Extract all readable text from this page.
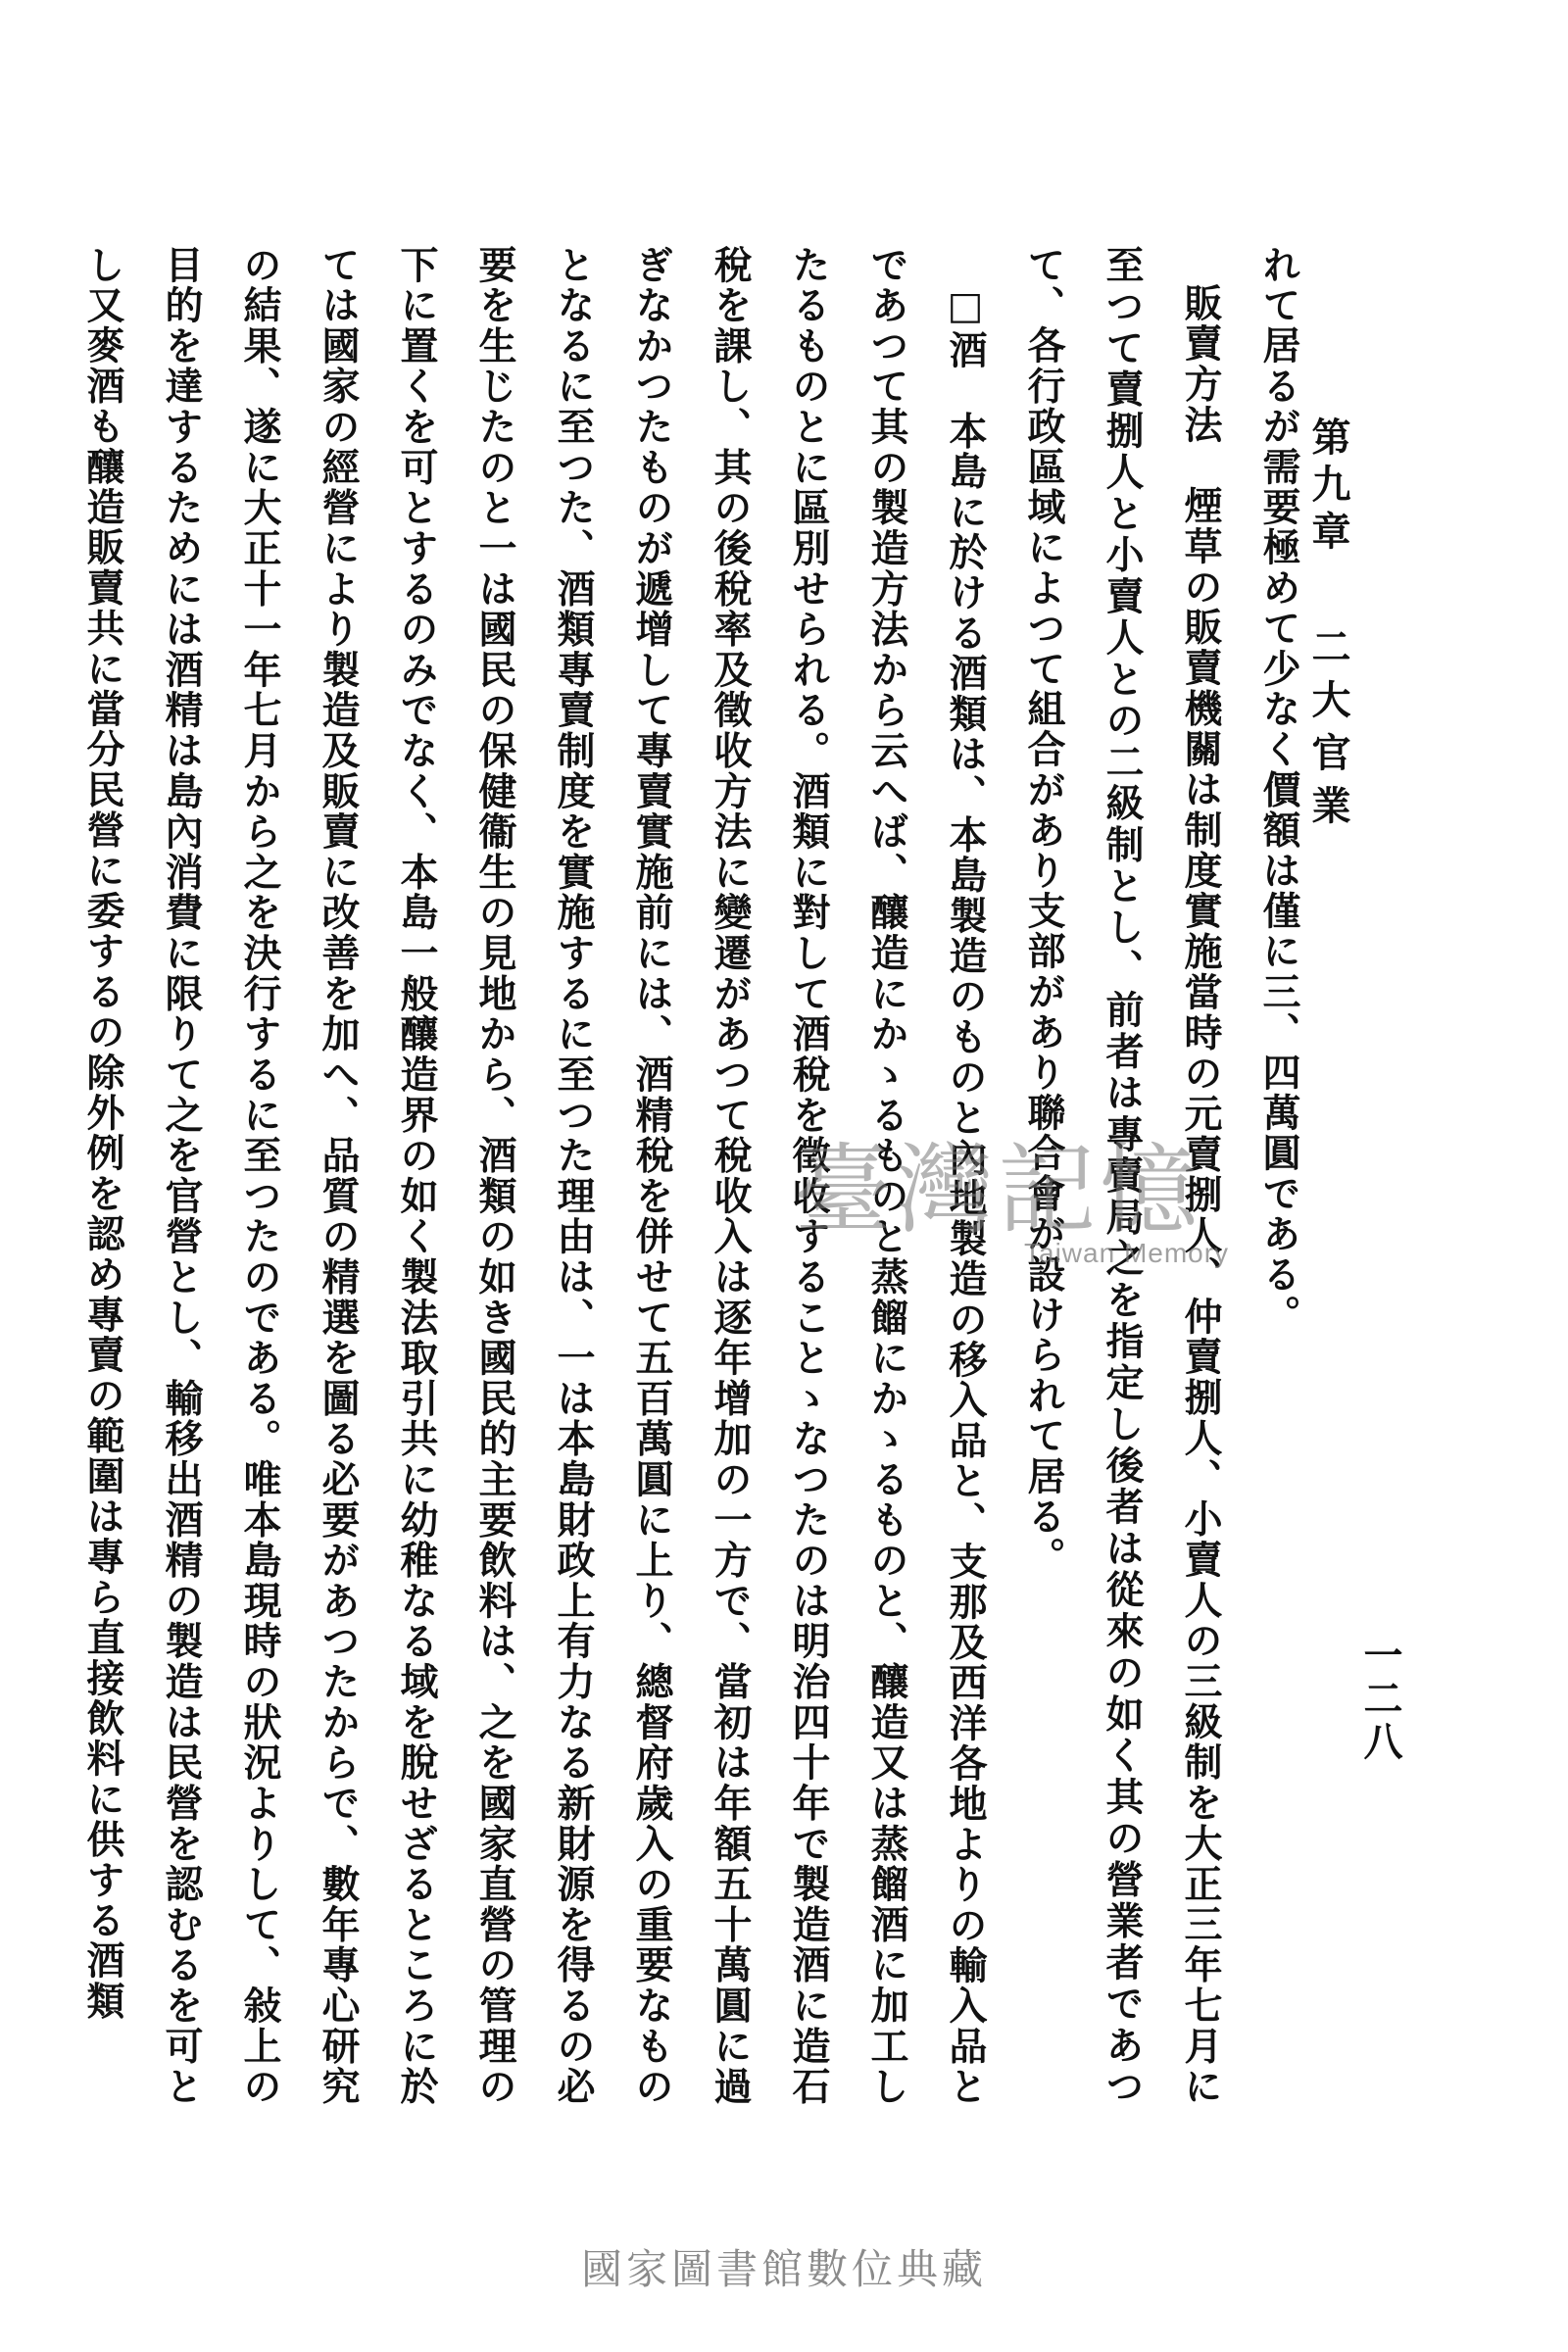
第九章二大官業
一二八

れて居るが需要極めて少なく價額は僅に三、四萬圓である。

販賣方法　煙草の販賣機關は制度實施當時の元賣捌人、仲賣捌人、小賣人の三級制を大正三年七月に至つて賣捌人と小賣人との二級制とし、前者は專賣局之を指定し後者は從來の如く其の營業者であつて、各行政區域によつて組合があり支部があり聯合會が設けられて居る。

□酒　本島に於ける酒類は、本島製造のものと內地製造の移入品と、支那及西洋各地よりの輸入品とであつて其の製造方法から云へば、釀造にかゝるものと蒸餾にかゝるものと、釀造又は蒸餾酒に加工したるものとに區別せられる。酒類に對して酒稅を徵收することゝなつたのは明治四十年で製造酒に造石稅を課し、其の後稅率及徵收方法に變遷があつて稅收入は逐年增加の一方で、當初は年額五十萬圓に過ぎなかつたものが遞增して專賣實施前には、酒精稅を併せて五百萬圓に上り、總督府歲入の重要なものとなるに至つた、酒類專賣制度を實施するに至つた理由は、一は本島財政上有力なる新財源を得るの必要を生じたのと一は國民の保健衞生の見地から、酒類の如き國民的主要飲料は、之を國家直營の管理の下に置くを可とするのみでなく、本島一般釀造界の如く製法取引共に幼稚なる域を脫せざるところに於ては國家の經營により製造及販賣に改善を加へ、品質の精選を圖る必要があつたからで、數年專心研究の結果、遂に大正十一年七月から之を決行するに至つたのである。唯本島現時の狀況よりして、敍上の目的を達するためには酒精は島內消費に限りて之を官營とし、輸移出酒精の製造は民營を認むるを可とし又麥酒も釀造販賣共に當分民營に委するの除外例を認め專賣の範圍は專ら直接飲料に供する酒類	臺灣記憶
Taiwan Memory
國家圖書館數位典藏
